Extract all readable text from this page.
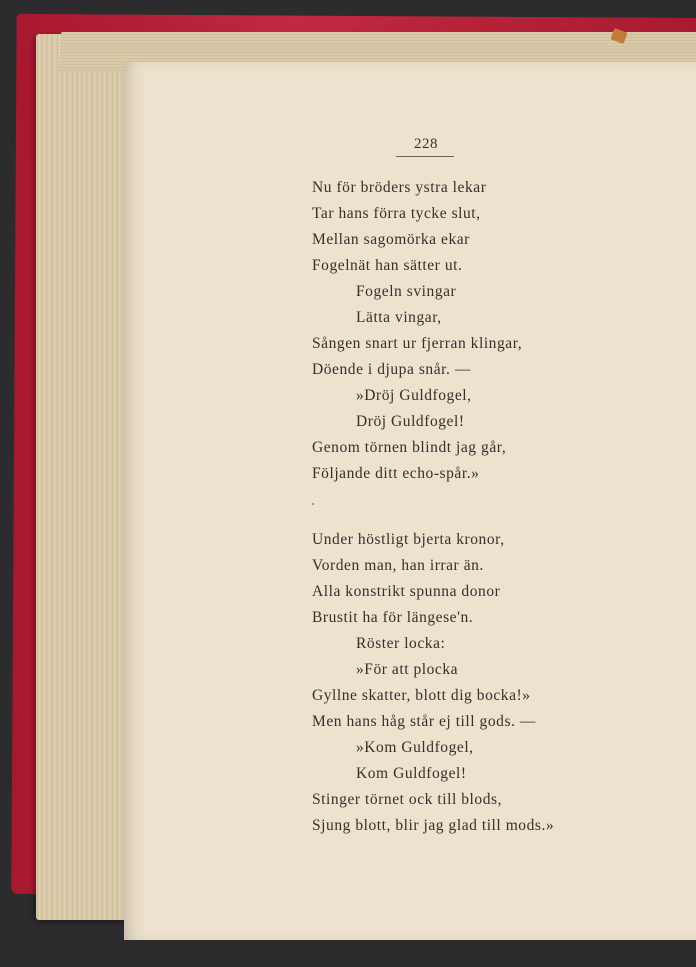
228
Nu för bröders ystra lekar
Tar hans förra tycke slut,
Mellan sagomörka ekar
Fogelnät han sätter ut.
Fogeln svingar
Lätta vingar,
Sången snart ur fjerran klingar,
Döende i djupa snår. —
»Dröj Guldfogel,
Dröj Guldfogel!
Genom törnen blindt jag går,
Följande ditt echo-spår.»
Under höstligt bjerta kronor,
Vorden man, han irrar än.
Alla konstrikt spunna donor
Brustit ha för längese'n.
Röster locka:
»För att plocka
Gyllne skatter, blott dig bocka!»
Men hans håg står ej till gods. —
»Kom Guldfogel,
Kom Guldfogel!
Stinger törnet ock till blods,
Sjung blott, blir jag glad till mods.»
